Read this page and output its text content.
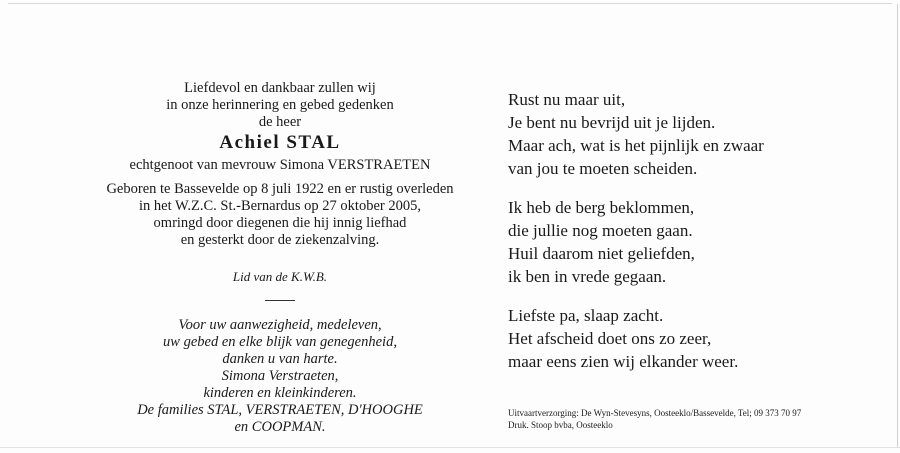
Liefdevol en dankbaar zullen wij
in onze herinnering en gebed gedenken
de heer
Achiel STAL
echtgenoot van mevrouw Simona VERSTRAETEN
Geboren te Bassevelde op 8 juli 1922 en er rustig overleden
in het W.Z.C. St.-Bernardus op 27 oktober 2005,
omringd door diegenen die hij innig liefhad
en gesterkt door de ziekenzalving.
Lid van de K.W.B.
Voor uw aanwezigheid, medeleven,
uw gebed en elke blijk van genegenheid,
danken u van harte.
Simona Verstraeten,
kinderen en kleinkinderen.
De families STAL, VERSTRAETEN, D'HOOGHE
en COOPMAN.
Rust nu maar uit,
Je bent nu bevrijd uit je lijden.
Maar ach, wat is het pijnlijk en zwaar
van jou te moeten scheiden.
Ik heb de berg beklommen,
die jullie nog moeten gaan.
Huil daarom niet geliefden,
ik ben in vrede gegaan.
Liefste pa, slaap zacht.
Het afscheid doet ons zo zeer,
maar eens zien wij elkander weer.
Uitvaartverzorging: De Wyn-Stevesyns, Oosteeklo/Bassevelde, Tel; 09 373 70 97
Druk. Stoop bvba, Oosteeklo
